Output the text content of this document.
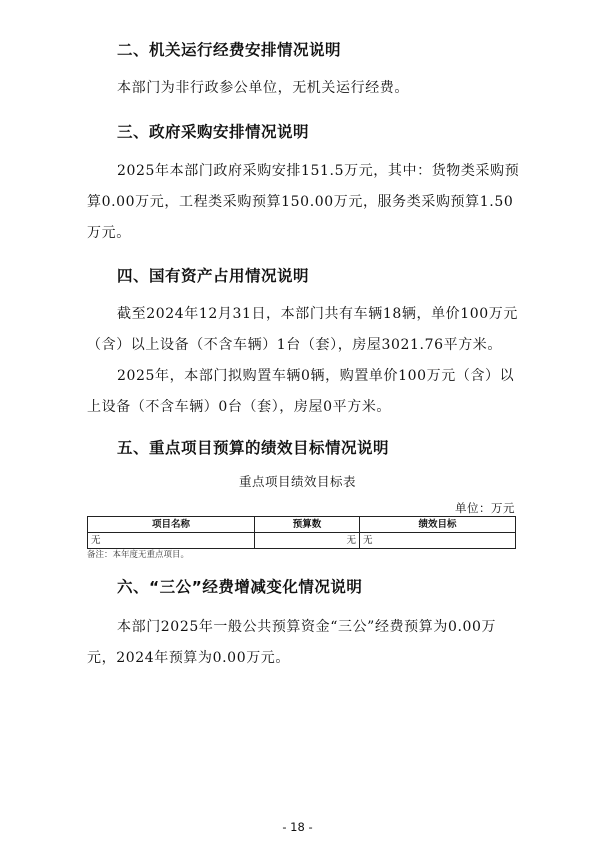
二、机关运行经费安排情况说明

本部门为非行政参公单位，无机关运行经费。

三、政府采购安排情况说明

2025年本部门政府采购安排151.5万元，其中：货物类采购预
算0.00万元，工程类采购预算150.00万元，服务类采购预算1.50
万元。

四、国有资产占用情况说明

截至2024年12月31日，本部门共有车辆18辆，单价100万元
（含）以上设备（不含车辆）1台（套），房屋3021.76平方米。

2025年，本部门拟购置车辆0辆，购置单价100万元（含）以
上设备（不含车辆）0台（套），房屋0平方米。

五、重点项目预算的绩效目标情况说明
重点项目绩效目标表
单位：万元
项目名称	预算数	绩效目标
无	无	无
备注：本年度无重点项目。
六、“三公”经费增减变化情况说明

本部门2025年一般公共预算资金“三公”经费预算为0.00万
元，2024年预算为0.00万元。

- 18 -
